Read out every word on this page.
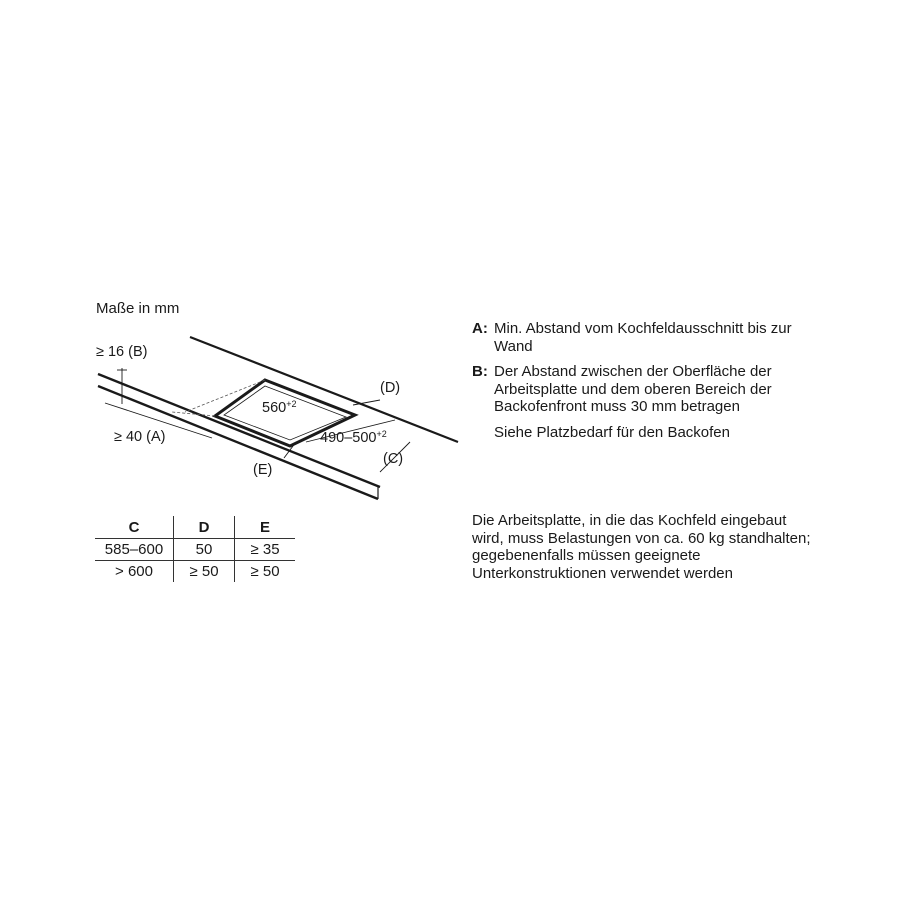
Maße in mm
≥ 16 (B)
≥ 40 (A)
(D)
(C)
(E)
$560^{+2}$
$490-500^{+2}$
C	D	E
585–600	50	≥ 35
> 600	≥ 50	≥ 50
A: Min. Abstand vom Kochfeldausschnitt bis zur Wand
B: Der Abstand zwischen der Oberfläche der Arbeitsplatte und dem oberen Bereich der Backofenfront muss 30 mm betragen
Siehe Platzbedarf für den Backofen
Die Arbeitsplatte, in die das Kochfeld eingebaut wird, muss Belastungen von ca. 60 kg standhalten; gegebenenfalls müssen geeignete Unterkonstruktionen verwendet werden
